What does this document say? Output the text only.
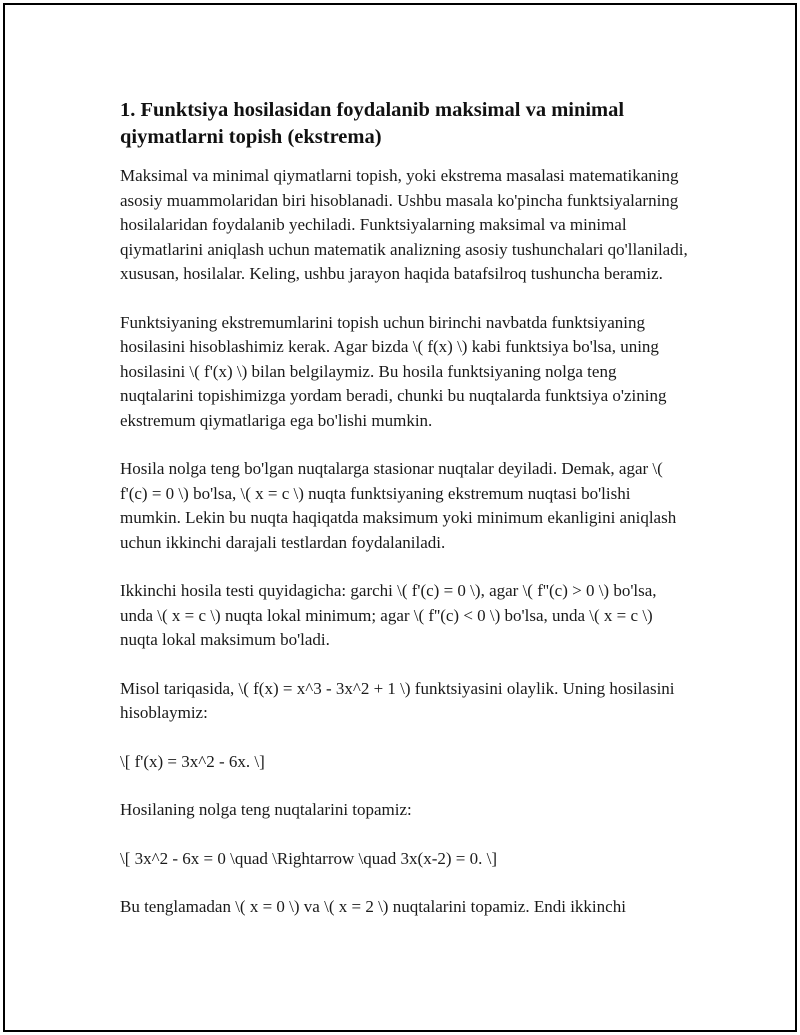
1. Funktsiya hosilasidan foydalanib maksimal va minimal qiymatlarni topish (ekstrema)

Maksimal va minimal qiymatlarni topish, yoki ekstrema masalasi matematikaning asosiy muammolaridan biri hisoblanadi. Ushbu masala ko'pincha funktsiyalarning hosilalaridan foydalanib yechiladi. Funktsiyalarning maksimal va minimal qiymatlarini aniqlash uchun matematik analizning asosiy tushunchalari qo'llaniladi, xususan, hosilalar. Keling, ushbu jarayon haqida batafsilroq tushuncha beramiz.

Funktsiyaning ekstremumlarini topish uchun birinchi navbatda funktsiyaning hosilasini hisoblashimiz kerak. Agar bizda \( f(x) \) kabi funktsiya bo'lsa, uning hosilasini \( f'(x) \) bilan belgilaymiz. Bu hosila funktsiyaning nolga teng nuqtalarini topishimizga yordam beradi, chunki bu nuqtalarda funktsiya o'zining ekstremum qiymatlariga ega bo'lishi mumkin.

Hosila nolga teng bo'lgan nuqtalarga stasionar nuqtalar deyiladi. Demak, agar \( f'(c) = 0 \) bo'lsa, \( x = c \) nuqta funktsiyaning ekstremum nuqtasi bo'lishi mumkin. Lekin bu nuqta haqiqatda maksimum yoki minimum ekanligini aniqlash uchun ikkinchi darajali testlardan foydalaniladi.

Ikkinchi hosila testi quyidagicha: garchi \( f'(c) = 0 \), agar \( f''(c) > 0 \) bo'lsa, unda \( x = c \) nuqta lokal minimum; agar \( f''(c) < 0 \) bo'lsa, unda \( x = c \) nuqta lokal maksimum bo'ladi.

Misol tariqasida, \( f(x) = x^3 - 3x^2 + 1 \) funktsiyasini olaylik. Uning hosilasini hisoblaymiz:

\[ f'(x) = 3x^2 - 6x. \]

Hosilaning nolga teng nuqtalarini topamiz:

\[ 3x^2 - 6x = 0 \quad \Rightarrow \quad 3x(x-2) = 0. \]

Bu tenglamadan \( x = 0 \) va \( x = 2 \) nuqtalarini topamiz. Endi ikkinchi
